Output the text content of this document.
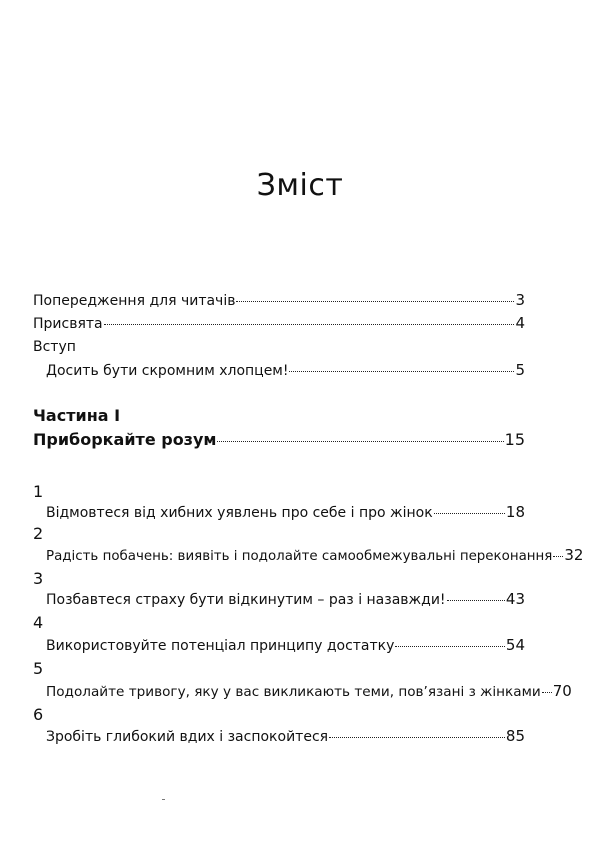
Зміст
Попередження для читачів	3
Присвята	4
Вступ
Досить бути скромним хлопцем!	5
Частина I
Приборкайте розум	15
1
Відмовтеся від хибних уявлень про себе і про жінок	18
2
Радість побачень: виявіть і подолайте самообмежувальні переконання 32
3
Позбавтеся страху бути відкинутим – раз і назавжди!	43
4
Використовуйте потенціал принципу достатку	54
5
Подолайте тривогу, яку у вас викликають теми, пов’язані з жінками 70
6
Зробіть глибокий вдих і заспокойтеся	85
